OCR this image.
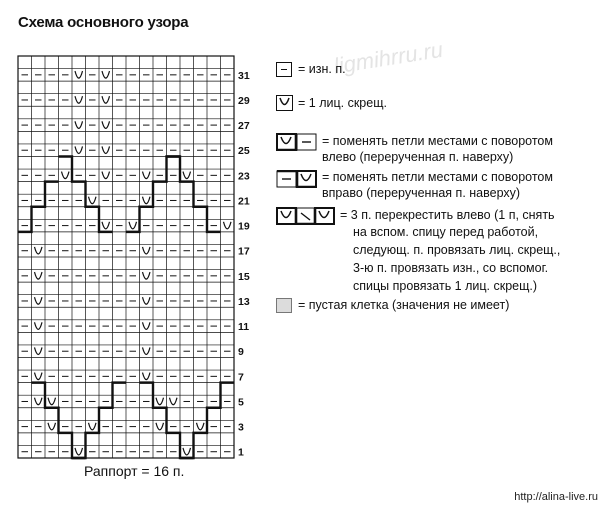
Схема основного узора
ligmihrru.ru
31
29
27
25
23
21
19
17
15
13
11
9
7
5
3
1
Раппорт = 16 п.
= изн. п.
= 1 лиц. скрещ.
= поменять петли местами с поворотом
влево (перерученная п. наверху)
= поменять петли местами с поворотом
вправо (перерученная п. наверху)
= 3 п. перекрестить влево (1 п, снять
на вспом. спицу перед работой,
следующ. п. провязать лиц. скрещ.,
3-ю п. провязать изн., со вспомог.
спицы провязать 1 лиц. скрещ.)
= пустая клетка (значения не имеет)
http://alina-live.ru
